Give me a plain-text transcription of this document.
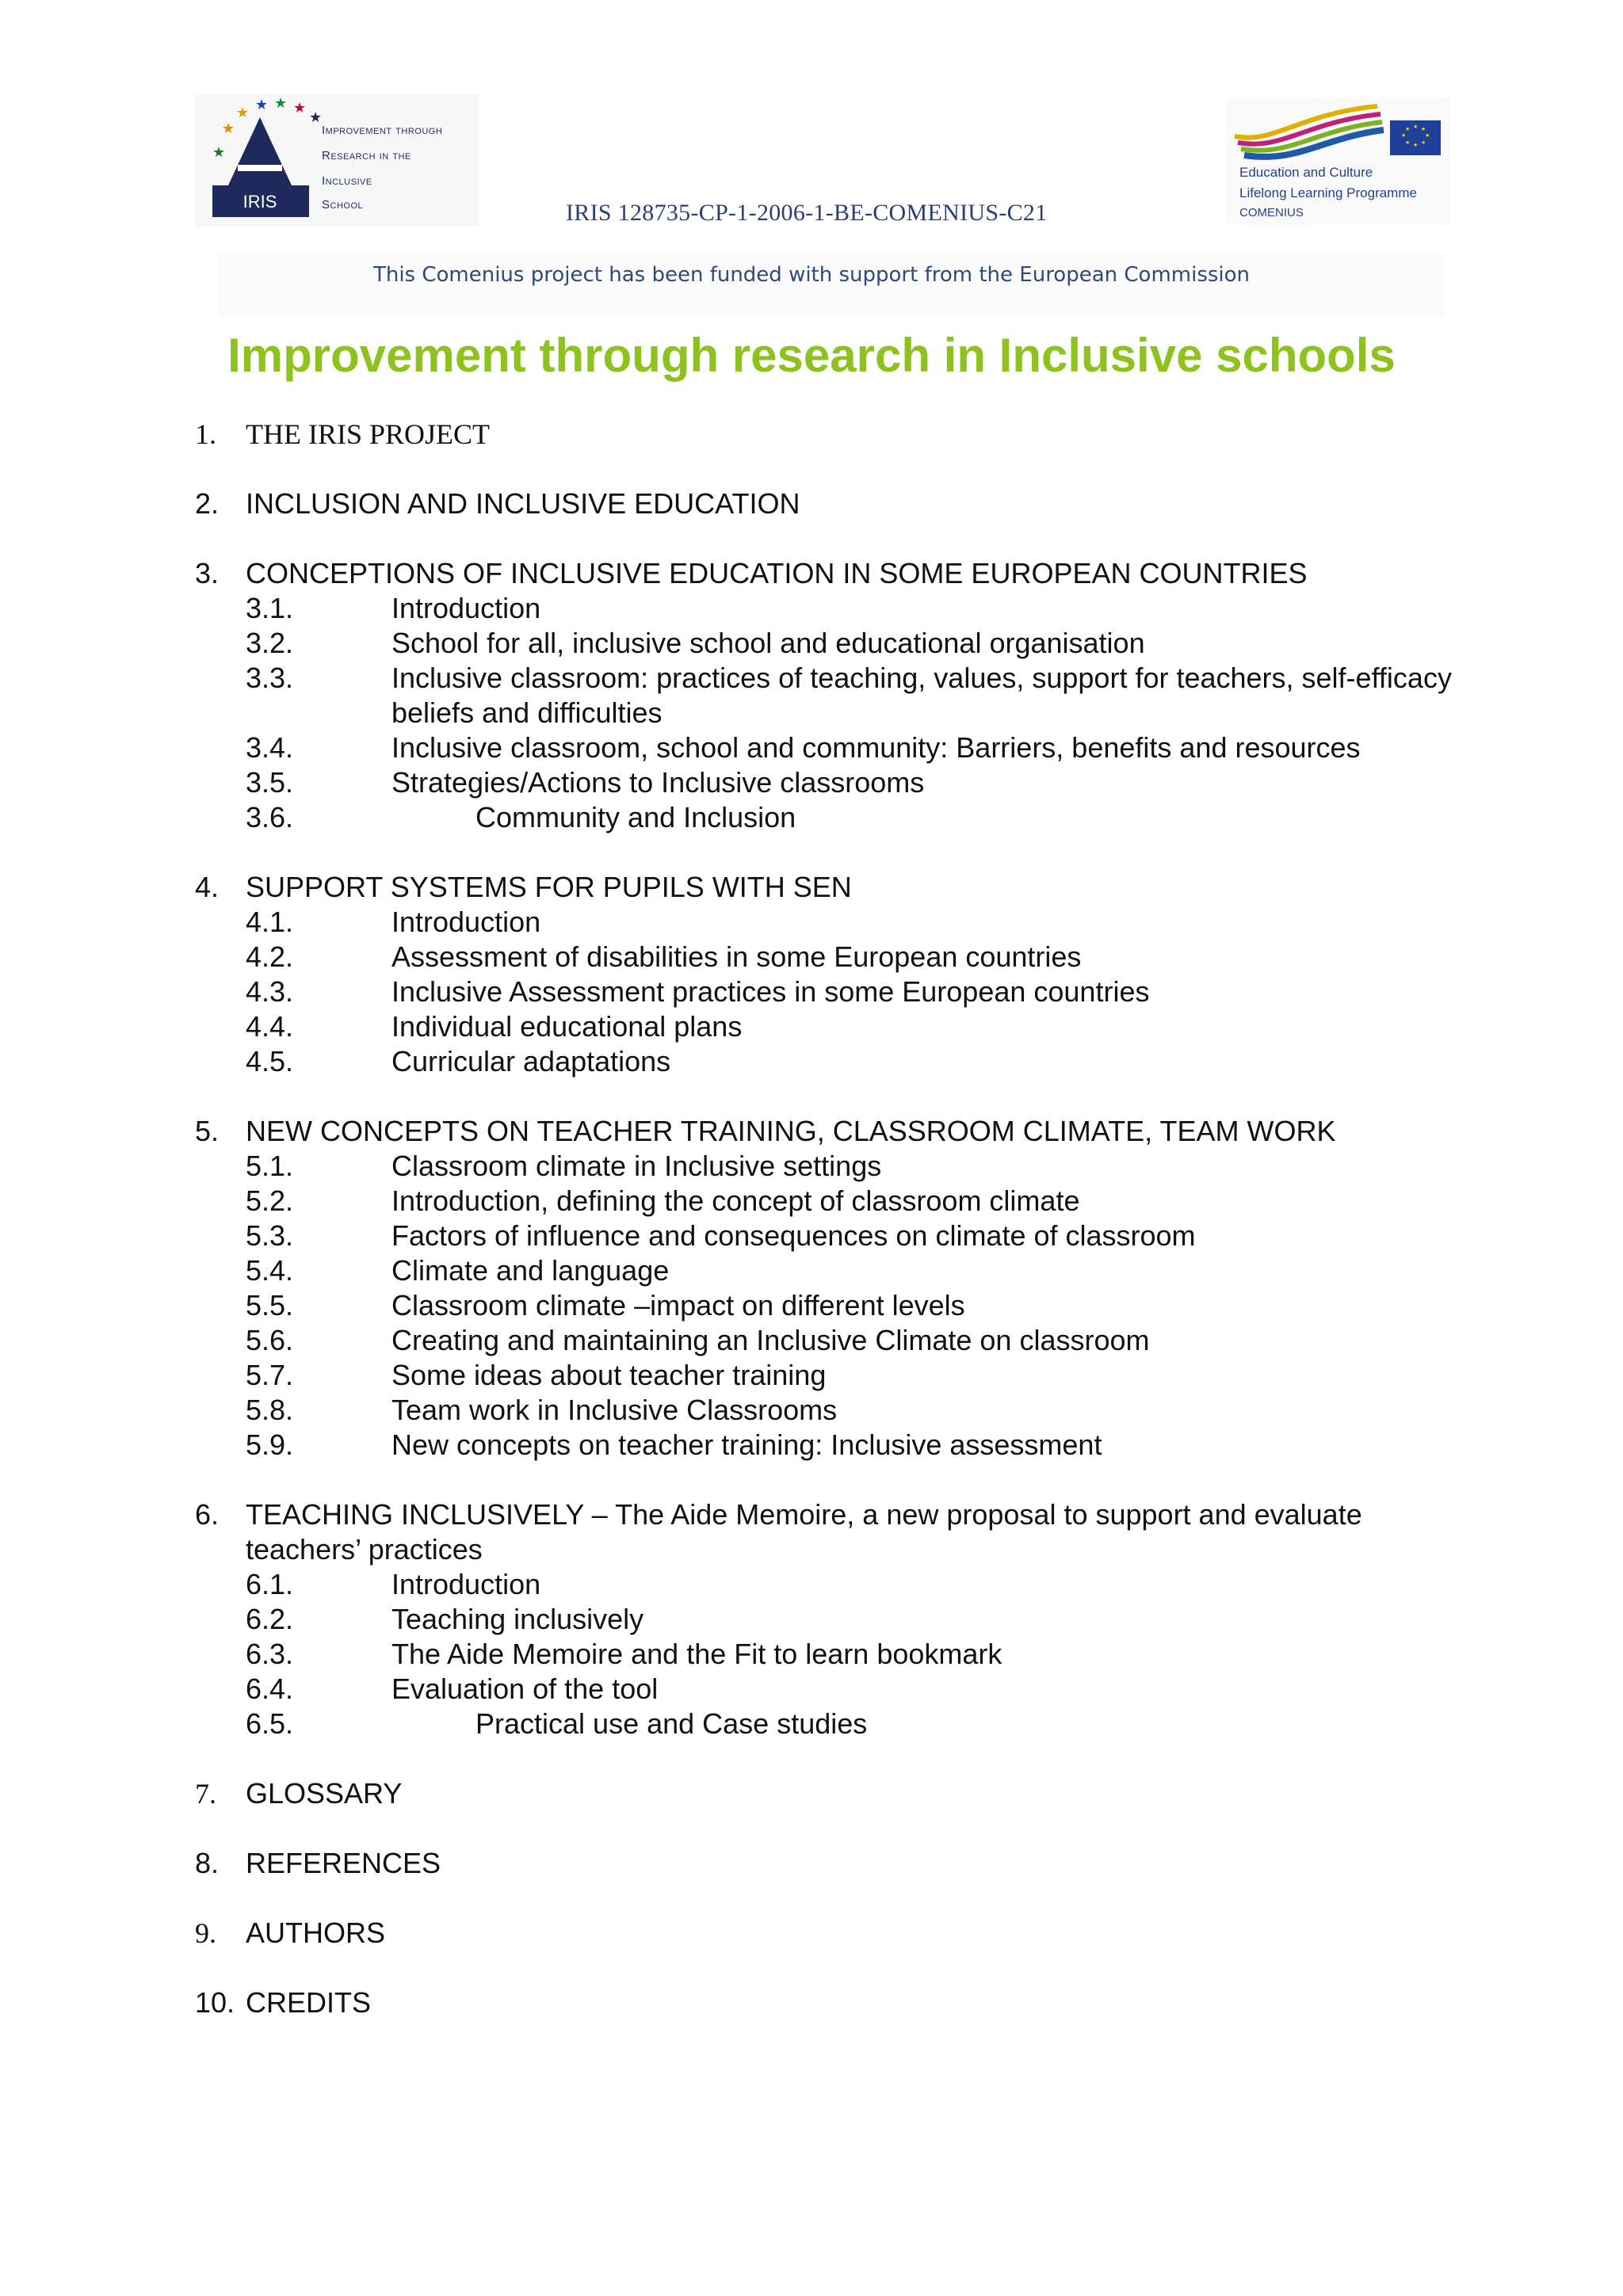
★
★
★ ★ ★ ★
★
IRIS
Improvement through
Research in the
Inclusive
School	IRIS 128735-CP-1-2006-1-BE-COMENIUS-C21
★ ★
★
★
★
★
★
★
Education and Culture
Lifelong Learning Programme
COMENIUS
This Comenius project has been funded with support from the European Commission
Improvement through research in Inclusive schools
1.	THE IRIS PROJECT
2. INCLUSION AND INCLUSIVE EDUCATION
3. CONCEPTIONS OF INCLUSIVE EDUCATION IN SOME EUROPEAN COUNTRIES
3.1.	Introduction
3.2.	School for all, inclusive school and educational organisation
3.3.	Inclusive classroom: practices of teaching, values, support for teachers, self-efficacy beliefs and difficulties
3.4.	Inclusive classroom, school and community: Barriers, benefits and resources
3.5.	Strategies/Actions to Inclusive classrooms
3.6.	Community and Inclusion
4. SUPPORT SYSTEMS FOR PUPILS WITH SEN
4.1.	Introduction
4.2.	Assessment of disabilities in some European countries
4.3.	Inclusive Assessment practices in some European countries
4.4.	Individual educational plans
4.5.	Curricular adaptations
5. NEW CONCEPTS ON TEACHER TRAINING, CLASSROOM CLIMATE, TEAM WORK
5.1.	Classroom climate in Inclusive settings
5.2.	Introduction, defining the concept of classroom climate
5.3.	Factors of influence and consequences on climate of classroom
5.4.	Climate and language
5.5.	Classroom climate –impact on different levels
5.6.	Creating and maintaining an Inclusive Climate on classroom
5.7.	Some ideas about teacher training
5.8.	Team work in Inclusive Classrooms
5.9.	New concepts on teacher training: Inclusive assessment
6. TEACHING INCLUSIVELY – The Aide Memoire, a new proposal to support and evaluate teachers’ practices
6.1.	Introduction
6.2.	Teaching inclusively
6.3.	The Aide Memoire and the Fit to learn bookmark
6.4.	Evaluation of the tool
6.5.	Practical use and Case studies
7.	GLOSSARY
8. REFERENCES
9.	AUTHORS
10. CREDITS
